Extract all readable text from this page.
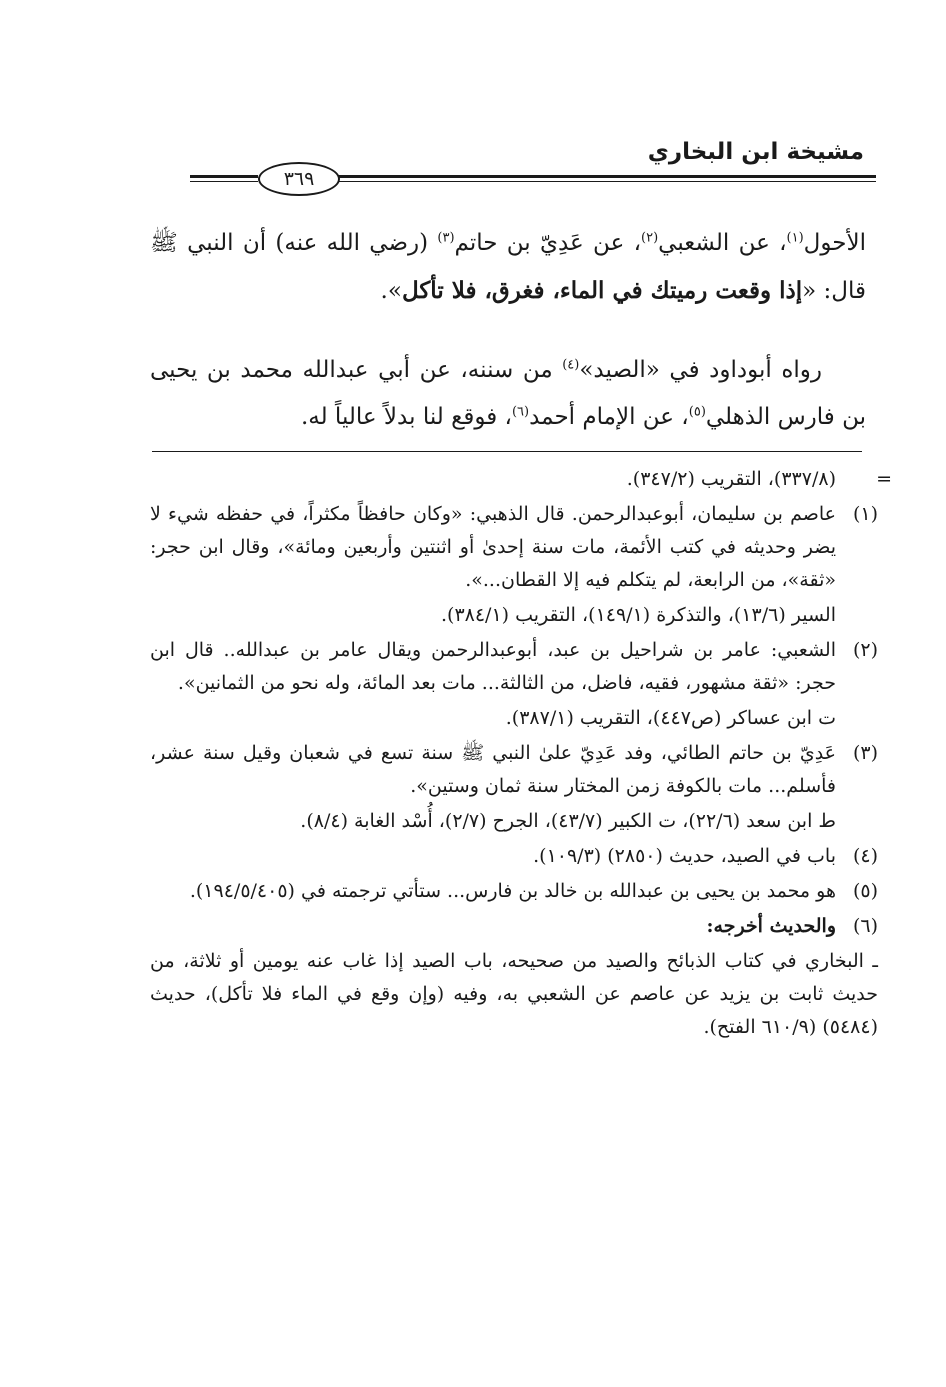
مشيخة ابن البخاري
٣٦٩
الأحول$^{(١)}$، عن الشعبي$^{(٢)}$، عن عَدِيّ بن حاتم$^{(٣)}$ (رضي الله عنه) أن النبي ﷺ قال: «إذا وقعت رميتك في الماء، فغرق، فلا تأكل».
رواه أبوداود في «الصيد»$^{(٤)}$ من سننه، عن أبي عبدالله محمد بن يحيى بن فارس الذهلي$^{(٥)}$، عن الإمام أحمد$^{(٦)}$، فوقع لنا بدلاً عالياً له.
=
(٣٣٧/٨)، التقريب (٣٤٧/٢).
(١)
عاصم بن سليمان، أبوعبدالرحمن. قال الذهبي: «وكان حافظاً مكثراً، في حفظه شيء لا يضر وحديثه في كتب الأئمة، مات سنة إحدىٰ أو اثنتين وأربعين ومائة»، وقال ابن حجر: «ثقة»، من الرابعة، لم يتكلم فيه إلا القطان...».
السير (١٣/٦)، والتذكرة (١٤٩/١)، التقريب (٣٨٤/١).
(٢)
الشعبي: عامر بن شراحيل بن عبد، أبوعبدالرحمن ويقال عامر بن عبدالله.. قال ابن حجر: «ثقة مشهور، فقيه، فاضل، من الثالثة... مات بعد المائة، وله نحو من الثمانين».
ت ابن عساكر (ص٤٤٧)، التقريب (٣٨٧/١).
(٣)
عَدِيّ بن حاتم الطائي، وفد عَدِيّ علىٰ النبي ﷺ سنة تسع في شعبان وقيل سنة عشر، فأسلم... مات بالكوفة زمن المختار سنة ثمان وستين».
ط ابن سعد (٢٢/٦)، ت الكبير (٤٣/٧)، الجرح (٢/٧)، أُسْد الغابة (٨/٤).
(٤)
باب في الصيد، حديث (٢٨٥٠) (١٠٩/٣).
(٥)
هو محمد بن يحيى بن عبدالله بن خالد بن فارس... ستأتي ترجمته في (١٩٤/٥/٤٠٥).
(٦)
والحديث أخرجه:
ـ البخاري في كتاب الذبائح والصيد من صحيحه، باب الصيد إذا غاب عنه يومين أو ثلاثة، من حديث ثابت بن يزيد عن عاصم عن الشعبي به، وفيه (وإن وقع في الماء فلا تأكل)، حديث (٥٤٨٤) (٦١٠/٩ الفتح).
